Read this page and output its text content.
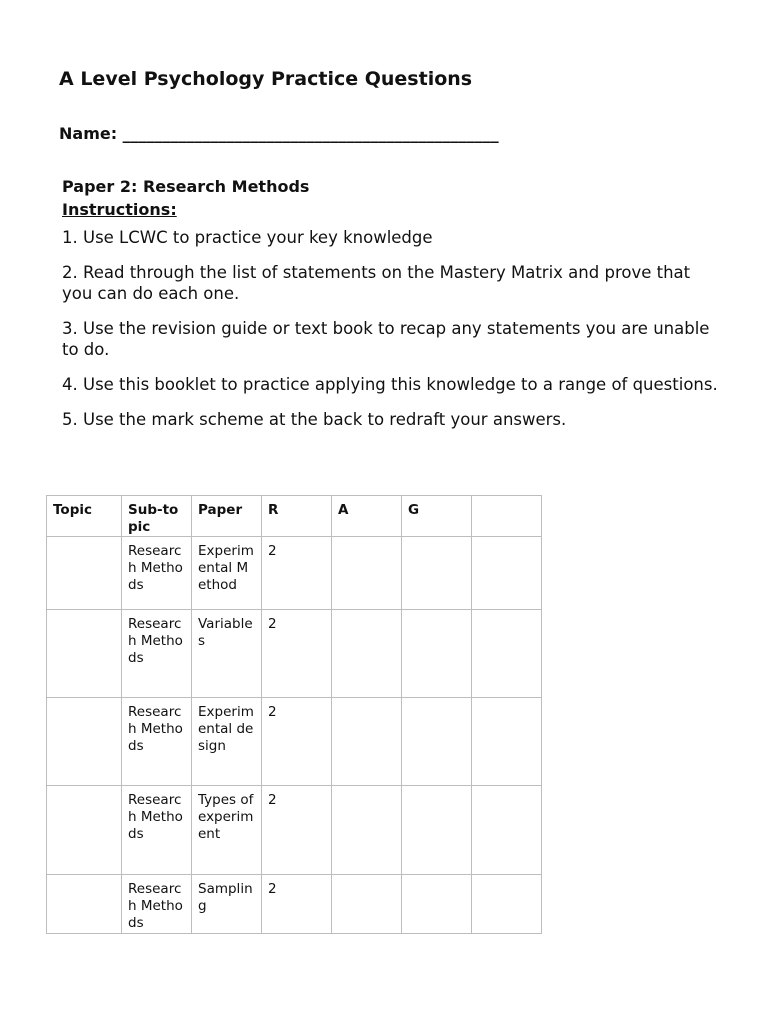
A Level Psychology Practice Questions

Name: _______________________________________________

Paper 2: Research Methods

Instructions:

1. Use LCWC to practice your key knowledge
2. Read through the list of statements on the Mastery Matrix and prove that you can do each one.
3. Use the revision guide or text book to recap any statements you are unable to do.
4. Use this booklet to practice applying this knowledge to a range of questions.
5. Use the mark scheme at the back to redraft your answers.
Topic	Sub-topic	Paper	R	A	G	
	Research Methods	Experimental Method	2			
	Research Methods	Variables	2			
	Research Methods	Experimental design	2			
	Research Methods	Types of experiment	2			
	Research Methods	Sampling	2			
